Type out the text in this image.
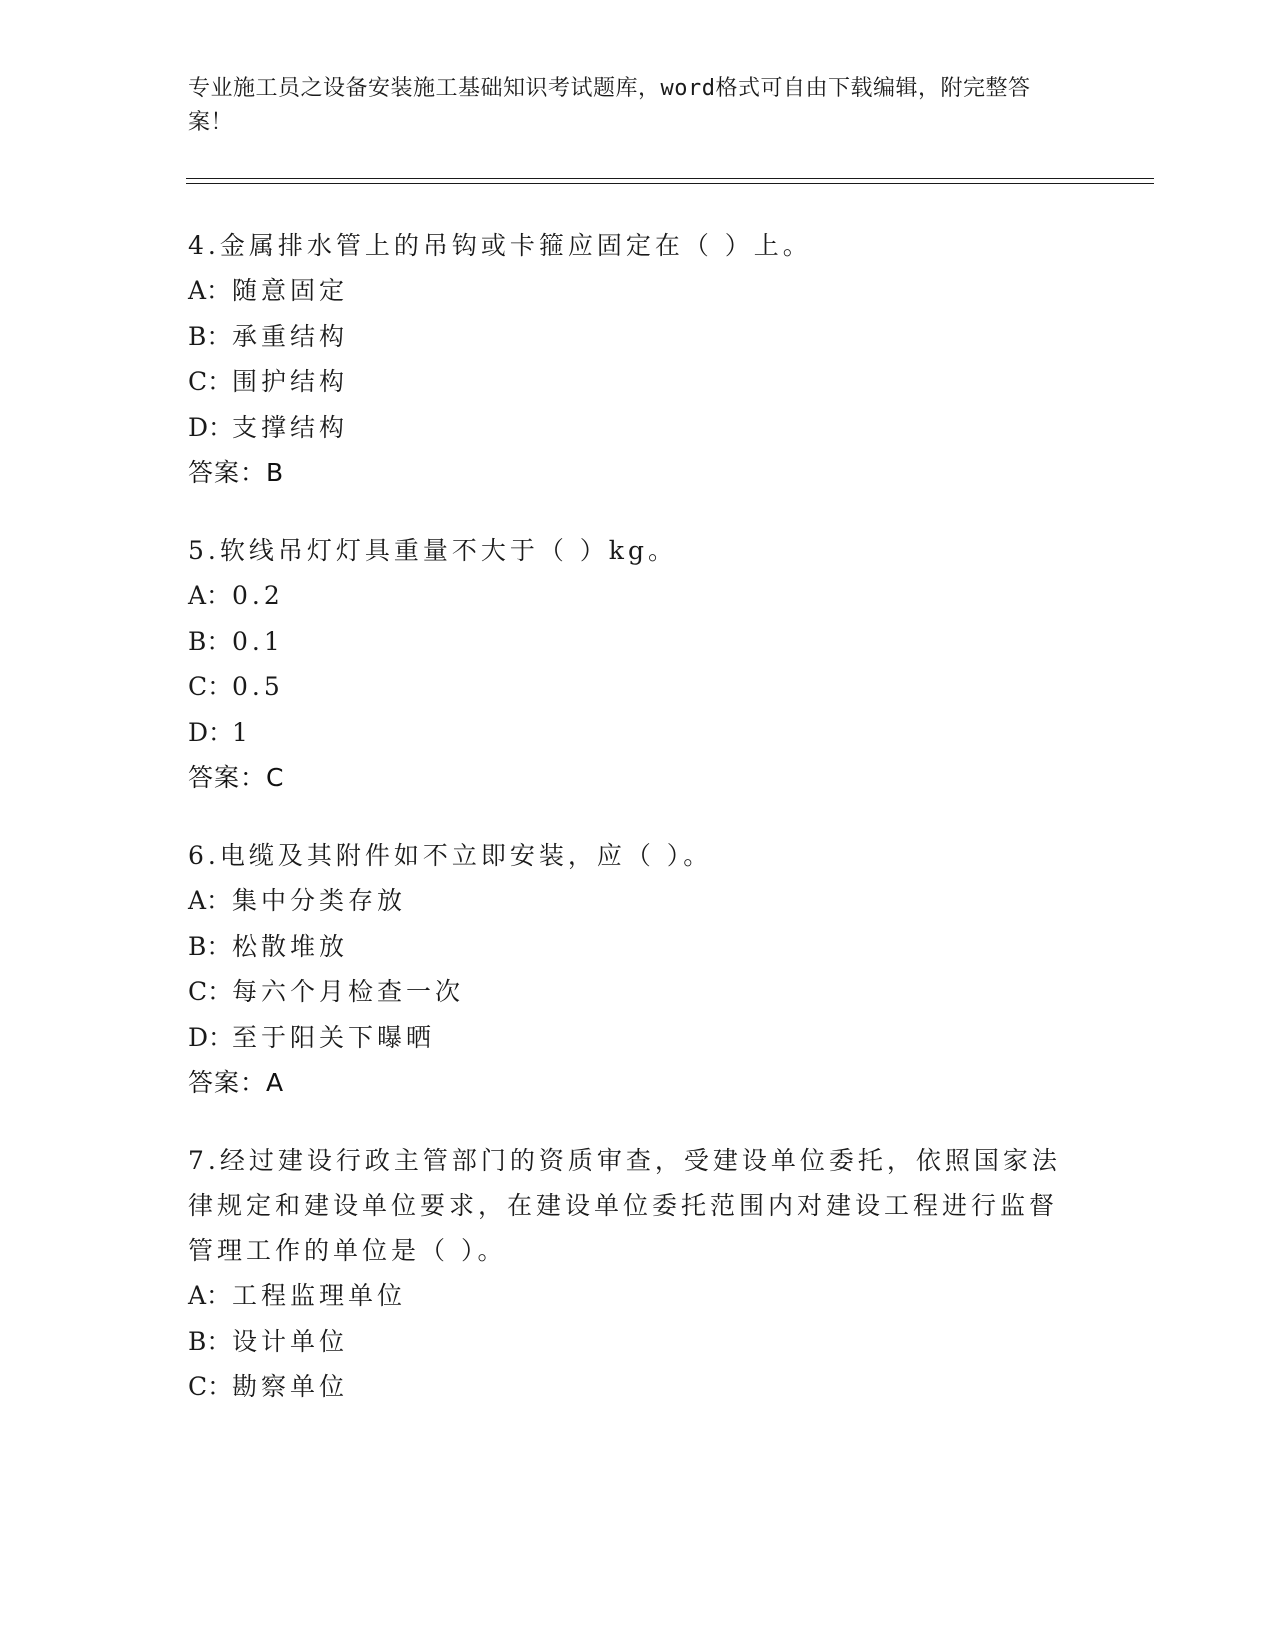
专业施工员之设备安装施工基础知识考试题库，word格式可自由下载编辑，附完整答案！
4.金属排水管上的吊钩或卡箍应固定在（ ）上。
A：随意固定
B：承重结构
C：围护结构
D：支撑结构
答案：B
5.软线吊灯灯具重量不大于（ ）kg。
A：0.2
B：0.1
C：0.5
D：1
答案：C
6.电缆及其附件如不立即安装，应（ ）。
A：集中分类存放
B：松散堆放
C：每六个月检查一次
D：至于阳关下曝晒
答案：A
7.经过建设行政主管部门的资质审查，受建设单位委托，依照国家法律规定和建设单位要求，在建设单位委托范围内对建设工程进行监督管理工作的单位是（ ）。
A：工程监理单位
B：设计单位
C：勘察单位
